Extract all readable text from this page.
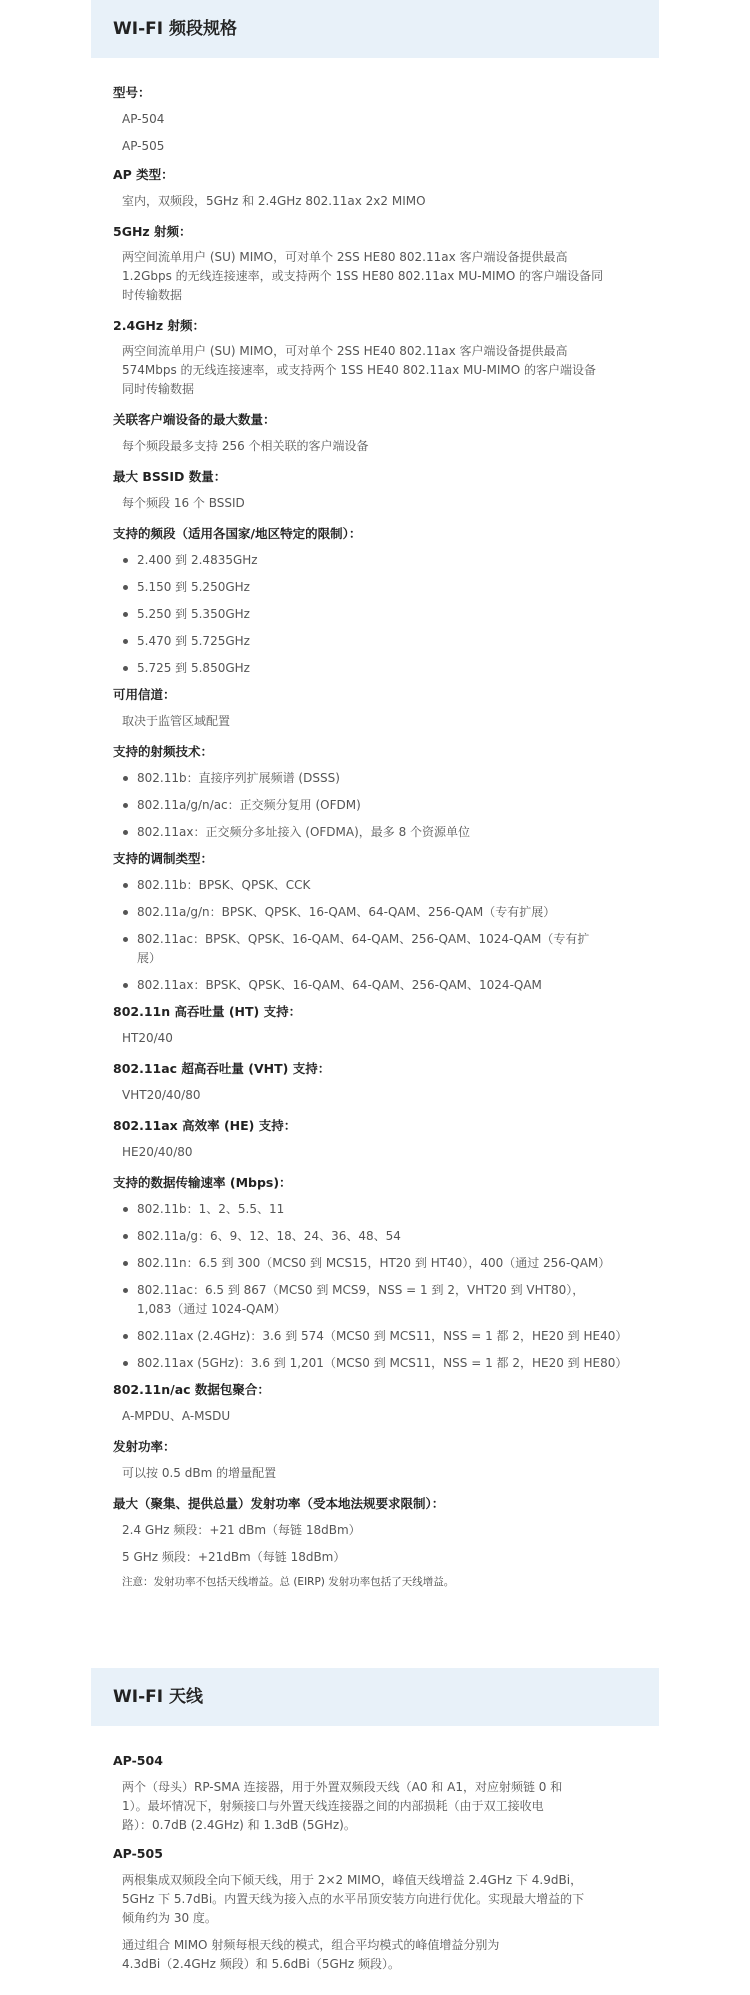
WI-FI 频段规格

型号：

AP-504

AP-505

AP 类型：

室内，双频段，5GHz 和 2.4GHz 802.11ax 2x2 MIMO

5GHz 射频：

两空间流单用户 (SU) MIMO，可对单个 2SS HE80 802.11ax 客户端设备提供最高

1.2Gbps 的无线连接速率，或支持两个 1SS HE80 802.11ax MU-MIMO 的客户端设备同

时传输数据

2.4GHz 射频：

两空间流单用户 (SU) MIMO，可对单个 2SS HE40 802.11ax 客户端设备提供最高

574Mbps 的无线连接速率，或支持两个 1SS HE40 802.11ax MU-MIMO 的客户端设备

同时传输数据

关联客户端设备的最大数量：

每个频段最多支持 256 个相关联的客户端设备

最大 BSSID 数量：

每个频段 16 个 BSSID

支持的频段（适用各国家/地区特定的限制）：

2.400 到 2.4835GHz
5.150 到 5.250GHz
5.250 到 5.350GHz
5.470 到 5.725GHz
5.725 到 5.850GHz

可用信道：

取决于监管区域配置

支持的射频技术：

802.11b：直接序列扩展频谱 (DSSS)
802.11a/g/n/ac：正交频分复用 (OFDM)
802.11ax：正交频分多址接入 (OFDMA)，最多 8 个资源单位

支持的调制类型：

802.11b：BPSK、QPSK、CCK
802.11a/g/n：BPSK、QPSK、16-QAM、64-QAM、256-QAM（专有扩展）
802.11ac：BPSK、QPSK、16-QAM、64-QAM、256-QAM、1024-QAM（专有扩
展）
802.11ax：BPSK、QPSK、16-QAM、64-QAM、256-QAM、1024-QAM

802.11n 高吞吐量 (HT) 支持：

HT20/40

802.11ac 超高吞吐量 (VHT) 支持：

VHT20/40/80

802.11ax 高效率 (HE) 支持：

HE20/40/80

支持的数据传输速率 (Mbps)：

802.11b：1、2、5.5、11
802.11a/g：6、9、12、18、24、36、48、54
802.11n：6.5 到 300（MCS0 到 MCS15，HT20 到 HT40），400（通过 256-QAM）
802.11ac：6.5 到 867（MCS0 到 MCS9，NSS = 1 到 2，VHT20 到 VHT80），
1,083（通过 1024-QAM）
802.11ax (2.4GHz)：3.6 到 574（MCS0 到 MCS11，NSS = 1 都 2，HE20 到 HE40）
802.11ax (5GHz)：3.6 到 1,201（MCS0 到 MCS11，NSS = 1 都 2，HE20 到 HE80）

802.11n/ac 数据包聚合：

A-MPDU、A-MSDU

发射功率：

可以按 0.5 dBm 的增量配置

最大（聚集、提供总量）发射功率（受本地法规要求限制）：

2.4 GHz 频段：+21 dBm（每链 18dBm）

5 GHz 频段：+21dBm（每链 18dBm）

注意：发射功率不包括天线增益。总 (EIRP) 发射功率包括了天线增益。

WI-FI 天线

AP-504

两个（母头）RP-SMA 连接器，用于外置双频段天线（A0 和 A1，对应射频链 0 和

1）。最坏情况下，射频接口与外置天线连接器之间的内部损耗（由于双工接收电

路）：0.7dB (2.4GHz) 和 1.3dB (5GHz)。

AP-505

两根集成双频段全向下倾天线，用于 2×2 MIMO，峰值天线增益 2.4GHz 下 4.9dBi，

5GHz 下 5.7dBi。内置天线为接入点的水平吊顶安装方向进行优化。实现最大增益的下

倾角约为 30 度。

通过组合 MIMO 射频每根天线的模式，组合平均模式的峰值增益分别为

4.3dBi（2.4GHz 频段）和 5.6dBi（5GHz 频段）。
